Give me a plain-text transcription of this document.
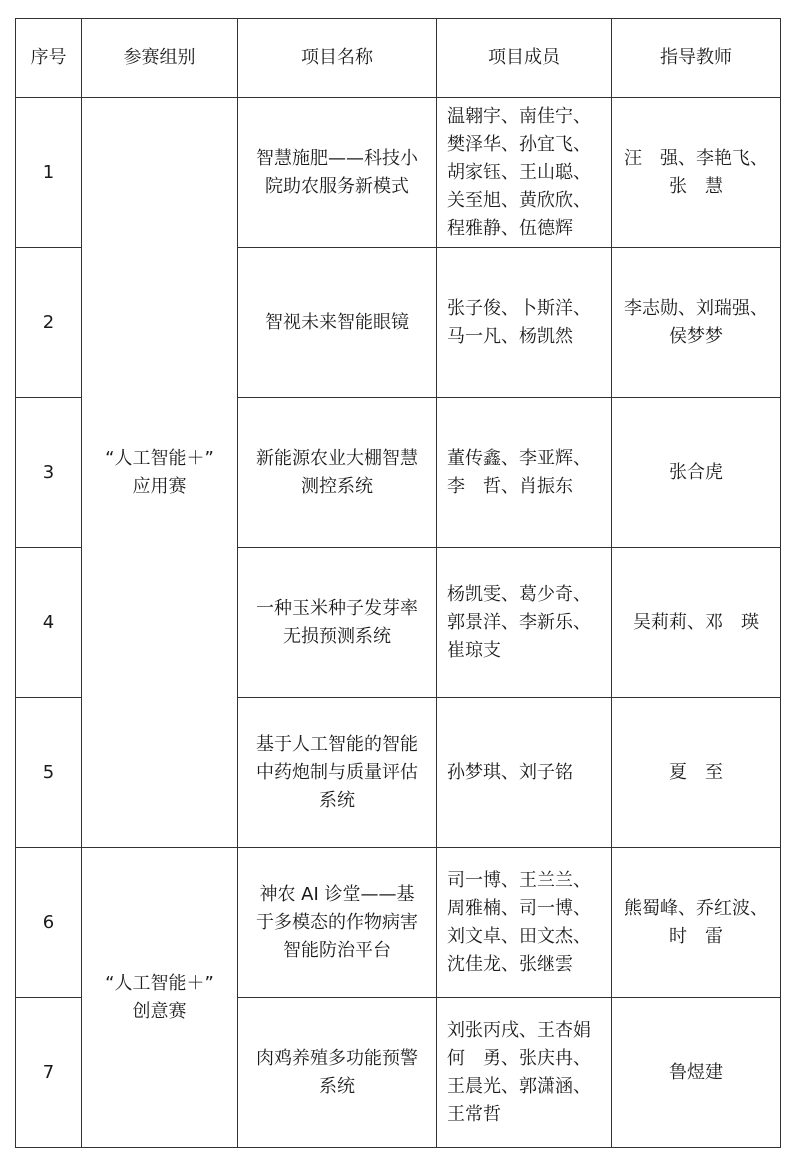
序号	参赛组别	项目名称	项目成员	指导教师
1	“人工智能＋”
应用赛	智慧施肥——科技小
院助农服务新模式	温翱宇、南佳宁、
樊泽华、孙宜飞、
胡家钰、王山聪、
关至旭、黄欣欣、
程雅静、伍德辉	汪　强、李艳飞、
张　慧

2		智视未来智能眼镜	张子俊、卜斯洋、
马一凡、杨凯然	李志勋、刘瑞强、
侯梦梦

3		新能源农业大棚智慧
测控系统	董传鑫、李亚辉、
李　哲、肖振东	张合虎

4		一种玉米种子发芽率
无损预测系统	杨凯雯、葛少奇、
郭景洋、李新乐、
崔琼支	吴莉莉、邓　瑛

5		基于人工智能的智能
中药炮制与质量评估
系统	孙梦琪、刘子铭	夏　至

6	“人工智能＋”
创意赛	神农 AI 诊堂——基
于多模态的作物病害
智能防治平台	司一博、王兰兰、
周雅楠、司一博、
刘文卓、田文杰、
沈佳龙、张继雲	熊蜀峰、乔红波、
时　雷

7		肉鸡养殖多功能预警
系统	刘张丙戌、王杏娟
何　勇、张庆冉、
王晨光、郭潇涵、
王常哲	鲁煜建
